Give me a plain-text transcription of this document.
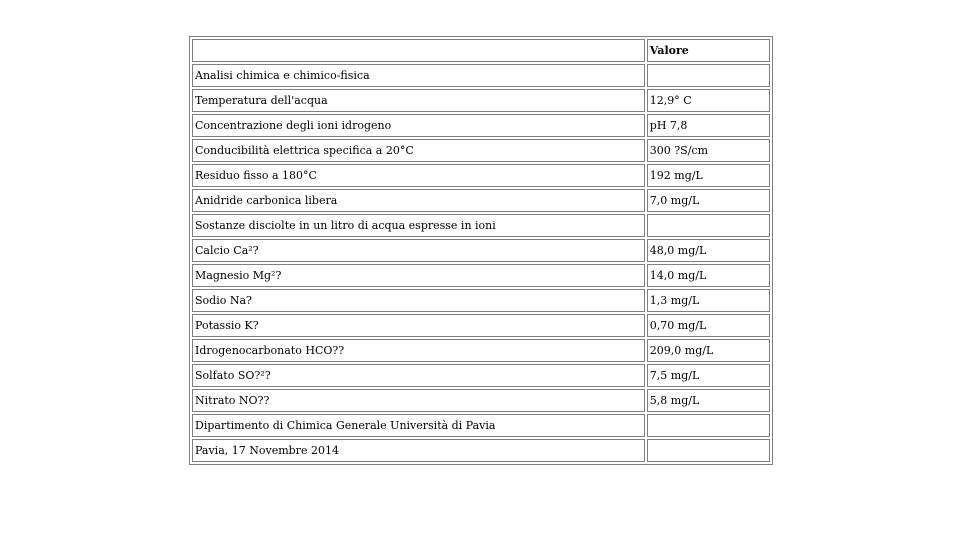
	Valore
Analisi chimica e chimico-fisica	
Temperatura dell'acqua	12,9° C
Concentrazione degli ioni idrogeno	pH 7,8
Conducibilità elettrica specifica a 20°C	300 ?S/cm
Residuo fisso a 180°C	192 mg/L
Anidride carbonica libera	7,0 mg/L
Sostanze disciolte in un litro di acqua espresse in ioni	
Calcio Ca²?	48,0 mg/L
Magnesio Mg²?	14,0 mg/L
Sodio Na?	1,3 mg/L
Potassio K?	0,70 mg/L
Idrogenocarbonato HCO??	209,0 mg/L
Solfato SO?²?	7,5 mg/L
Nitrato NO??	5,8 mg/L
Dipartimento di Chimica Generale Università di Pavia	
Pavia, 17 Novembre 2014	
